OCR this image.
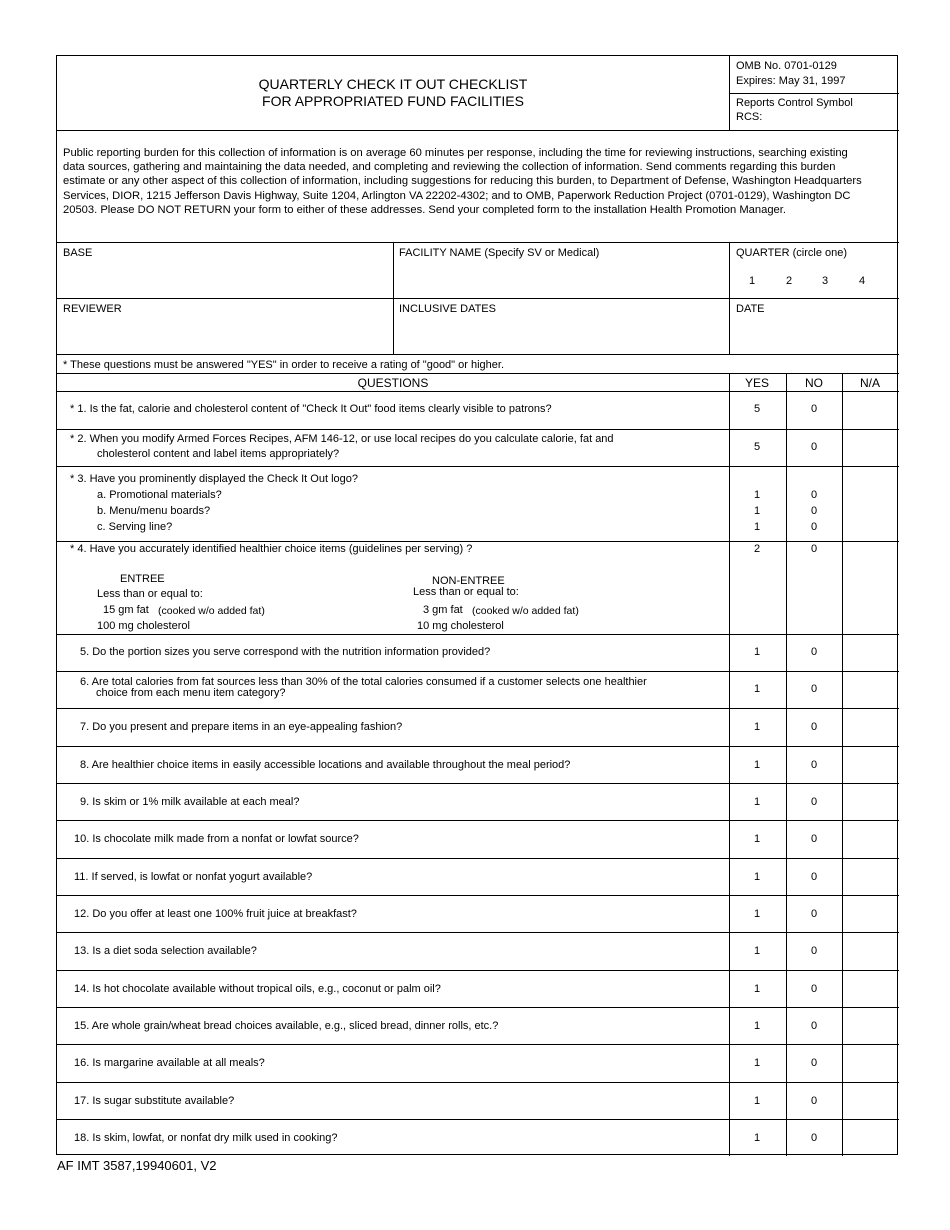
QUARTERLY CHECK IT OUT CHECKLIST
FOR APPROPRIATED FUND FACILITIES
OMB No. 0701-0129
Expires: May 31, 1997
Reports Control Symbol
RCS:
Public reporting burden for this collection of information is on average 60 minutes per response, including the time for reviewing instructions, searching existing data sources, gathering and maintaining the data needed, and completing and reviewing the collection of information. Send comments regarding this burden estimate or any other aspect of this collection of information, including suggestions for reducing this burden, to Department of Defense, Washington Headquarters Services, DIOR, 1215 Jefferson Davis Highway, Suite 1204, Arlington VA 22202-4302; and to OMB, Paperwork Reduction Project (0701-0129), Washington DC 20503. Please DO NOT RETURN your form to either of these addresses. Send your completed form to the installation Health Promotion Manager.
BASE	FACILITY NAME (Specify SV or Medical)	QUARTER (circle one)
1	2	3	4
REVIEWER	INCLUSIVE DATES	DATE
* These questions must be answered "YES" in order to receive a rating of "good" or higher.
QUESTIONS	YES	NO	N/A
* 1. Is the fat, calorie and cholesterol content of "Check It Out" food items clearly visible to patrons?	5	0
* 2. When you modify Armed Forces Recipes, AFM 146-12, or use local recipes do you calculate calorie, fat and
cholesterol content and label items appropriately?
5	0
* 3. Have you prominently displayed the Check It Out logo?
a. Promotional materials?	1	0
b. Menu/menu boards?	1	0
c. Serving line?	1	0
* 4. Have you accurately identified healthier choice items (guidelines per serving) ?	2	0
ENTREE
Less than or equal to:
15 gm fat (cooked w/o added fat)
100 mg cholesterol
NON-ENTREE
Less than or equal to:
3 gm fat (cooked w/o added fat)
10 mg cholesterol
5. Do the portion sizes you serve correspond with the nutrition information provided?	1	0
6. Are total calories from fat sources less than 30% of the total calories consumed if a customer selects one healthier
choice from each menu item category?	1	0
7. Do you present and prepare items in an eye-appealing fashion?	1	0
8. Are healthier choice items in easily accessible locations and available throughout the meal period?	1	0
9. Is skim or 1% milk available at each meal?	1	0
10. Is chocolate milk made from a nonfat or lowfat source?	1	0
11. If served, is lowfat or nonfat yogurt available?	1	0
12. Do you offer at least one 100% fruit juice at breakfast?	1	0
13. Is a diet soda selection available?	1	0
14. Is hot chocolate available without tropical oils, e.g., coconut or palm oil?	1	0
15. Are whole grain/wheat bread choices available, e.g., sliced bread, dinner rolls, etc.?	1	0
16. Is margarine available at all meals?	1	0
17. Is sugar substitute available?	1	0
18. Is skim, lowfat, or nonfat dry milk used in cooking?	1	0
AF IMT 3587,19940601, V2
